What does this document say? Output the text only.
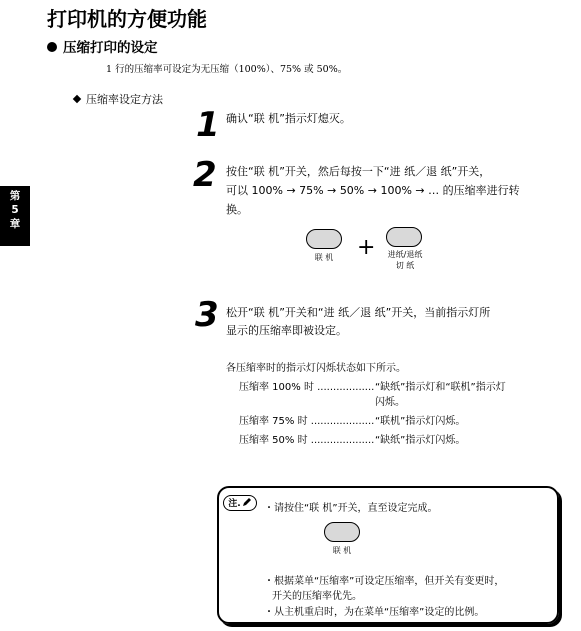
打印机的方便功能
压缩打印的设定
1 行的压缩率可设定为无压缩（100%）、75% 或 50%。
压缩率设定方法
第
5
章
1 确认“联 机”指示灯熄灭。
2 按住“联 机”开关，然后每按一下“进 纸／退 纸”开关，
可以 100% → 75% → 50% → 100% → … 的压缩率进行转
换。
联 机	+	进纸/退纸
切 纸
3 松开“联 机”开关和“进 纸／退 纸”开关，当前指示灯所
显示的压缩率即被设定。
各压缩率时的指示灯闪烁状态如下所示。
压缩率 100% 时 .................. “缺纸”指示灯和“联机”指示灯
闪烁。
压缩率 75% 时 .................... “联机”指示灯闪烁。
压缩率 50% 时 .................... “缺纸”指示灯闪烁。
注.	・请按住“联 机”开关，直至设定完成。
联 机
・根据菜单“压缩率”可设定压缩率，但开关有变更时，
开关的压缩率优先。
・从主机重启时，为在菜单“压缩率”设定的比例。
